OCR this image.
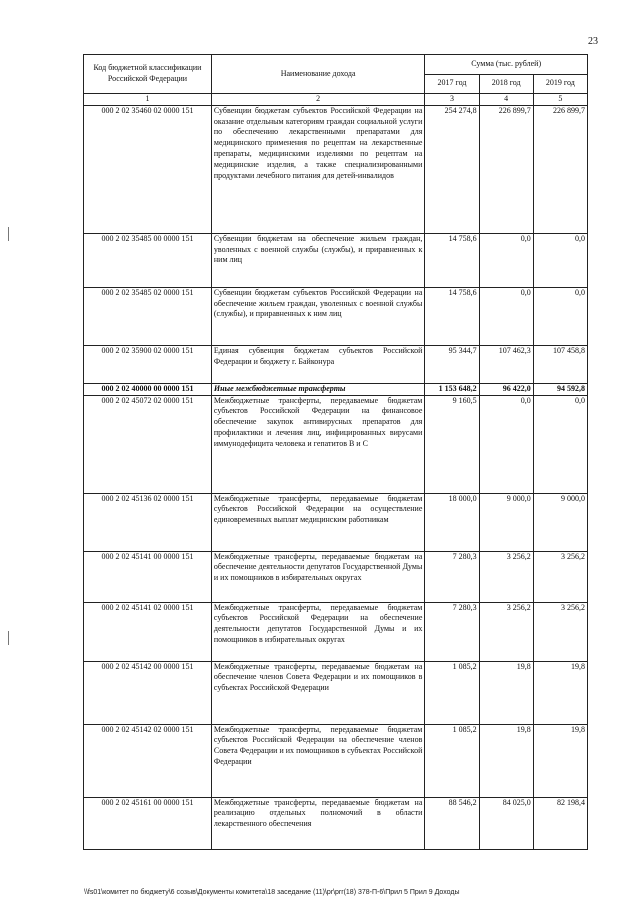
23
Код бюджетной классификации Российской Федерации	Наименование дохода	Сумма (тыс. рублей)		
		2017 год	2018 год	2019 год
1	2	3	4	5
000 2 02 35460 02 0000 151	Субвенции бюджетам субъектов Российской Федерации на оказание отдельным категориям граждан социальной услуги по обеспечению лекарственными препаратами для медицинского применения по рецептам на лекарственные препараты, медицинскими изделиями по рецептам на медицинские изделия, а также специализированными продуктами лечебного питания для детей-инвалидов	254 274,8	226 899,7	226 899,7
000 2 02 35485 00 0000 151	Субвенции бюджетам на обеспечение жильем граждан, уволенных с военной службы (службы), и приравненных к ним лиц	14 758,6	0,0	0,0
000 2 02 35485 02 0000 151	Субвенции бюджетам субъектов Российской Федерации на обеспечение жильем граждан, уволенных с военной службы (службы), и приравненных к ним лиц	14 758,6	0,0	0,0
000 2 02 35900 02 0000 151	Единая субвенция бюджетам субъектов Российской Федерации и бюджету г. Байконура	95 344,7	107 462,3	107 458,8
000 2 02 40000 00 0000 151	Иные межбюджетные трансферты	1 153 648,2	96 422,0	94 592,8
000 2 02 45072 02 0000 151	Межбюджетные трансферты, передаваемые бюджетам субъектов Российской Федерации на финансовое обеспечение закупок антивирусных препаратов для профилактики и лечения лиц, инфицированных вирусами иммунодефицита человека и гепатитов B и C	9 160,5	0,0	0,0
000 2 02 45136 02 0000 151	Межбюджетные трансферты, передаваемые бюджетам субъектов Российской Федерации на осуществление единовременных выплат медицинским работникам	18 000,0	9 000,0	9 000,0
000 2 02 45141 00 0000 151	Межбюджетные трансферты, передаваемые бюджетам на обеспечение деятельности депутатов Государственной Думы и их помощников в избирательных округах	7 280,3	3 256,2	3 256,2
000 2 02 45141 02 0000 151	Межбюджетные трансферты, передаваемые бюджетам субъектов Российской Федерации на обеспечение деятельности депутатов Государственной Думы и их помощников в избирательных округах	7 280,3	3 256,2	3 256,2
000 2 02 45142 00 0000 151	Межбюджетные трансферты, передаваемые бюджетам на обеспечение членов Совета Федерации и их помощников в субъектах Российской Федерации	1 085,2	19,8	19,8
000 2 02 45142 02 0000 151	Межбюджетные трансферты, передаваемые бюджетам субъектов Российской Федерации на обеспечение членов Совета Федерации и их помощников в субъектах Российской Федерации	1 085,2	19,8	19,8
000 2 02 45161 00 0000 151	Межбюджетные трансферты, передаваемые бюджетам на реализацию отдельных полномочий в области лекарственного обеспечения	88 546,2	84 025,0	82 198,4
\\fs01\комитет по бюджету\6 созыв\Документы комитета\18 заседание (11)\pr\prr(18) 378-П-6\Прил 5 Прил 9 Доходы
